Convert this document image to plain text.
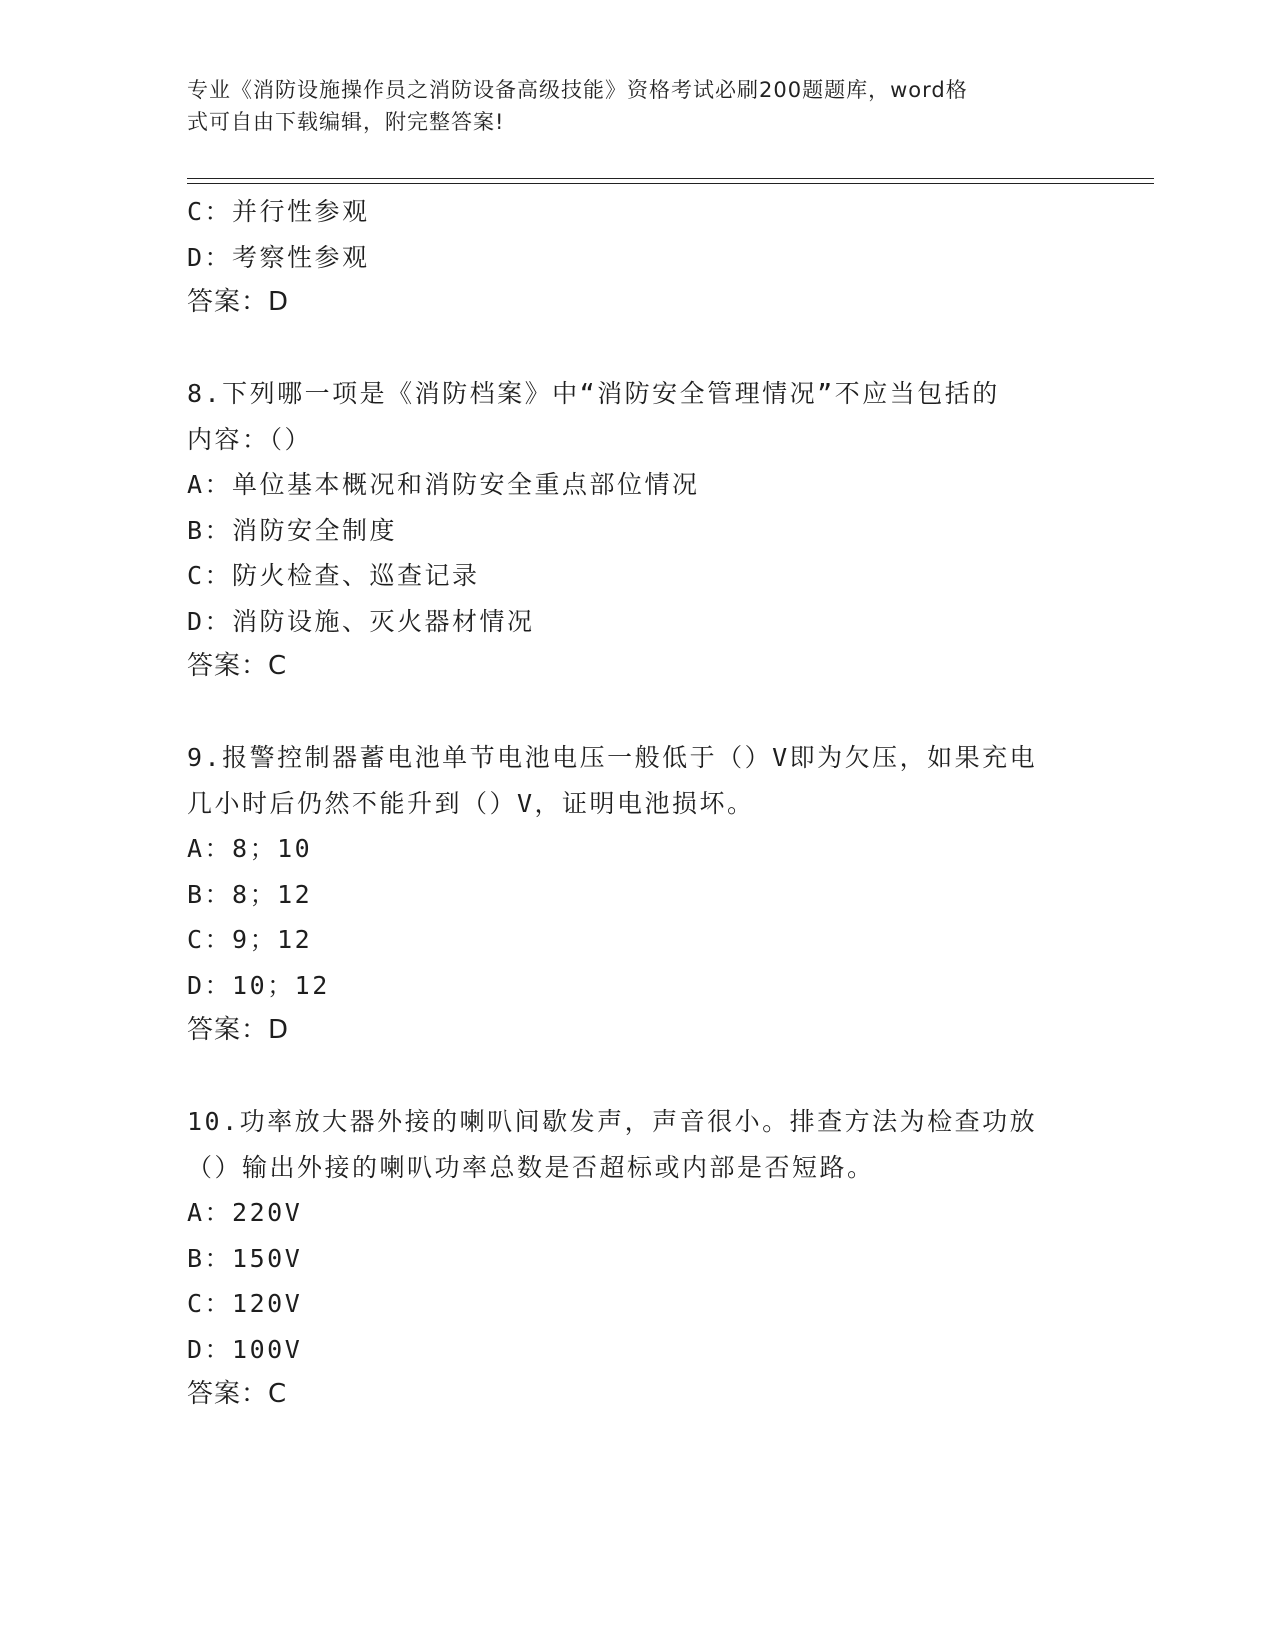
专业《消防设施操作员之消防设备高级技能》资格考试必刷200题题库，word格
式可自由下载编辑，附完整答案!
C：并行性参观
D：考察性参观
答案：D
8.下列哪一项是《消防档案》中“消防安全管理情况”不应当包括的
内容：（）
A：单位基本概况和消防安全重点部位情况
B：消防安全制度
C：防火检查、巡查记录
D：消防设施、灭火器材情况
答案：C
9.报警控制器蓄电池单节电池电压一般低于（）V即为欠压，如果充电
几小时后仍然不能升到（）V，证明电池损坏。
A：8；10
B：8；12
C：9；12
D：10；12
答案：D
10.功率放大器外接的喇叭间歇发声，声音很小。排查方法为检查功放
（）输出外接的喇叭功率总数是否超标或内部是否短路。
A：220V
B：150V
C：120V
D：100V
答案：C
